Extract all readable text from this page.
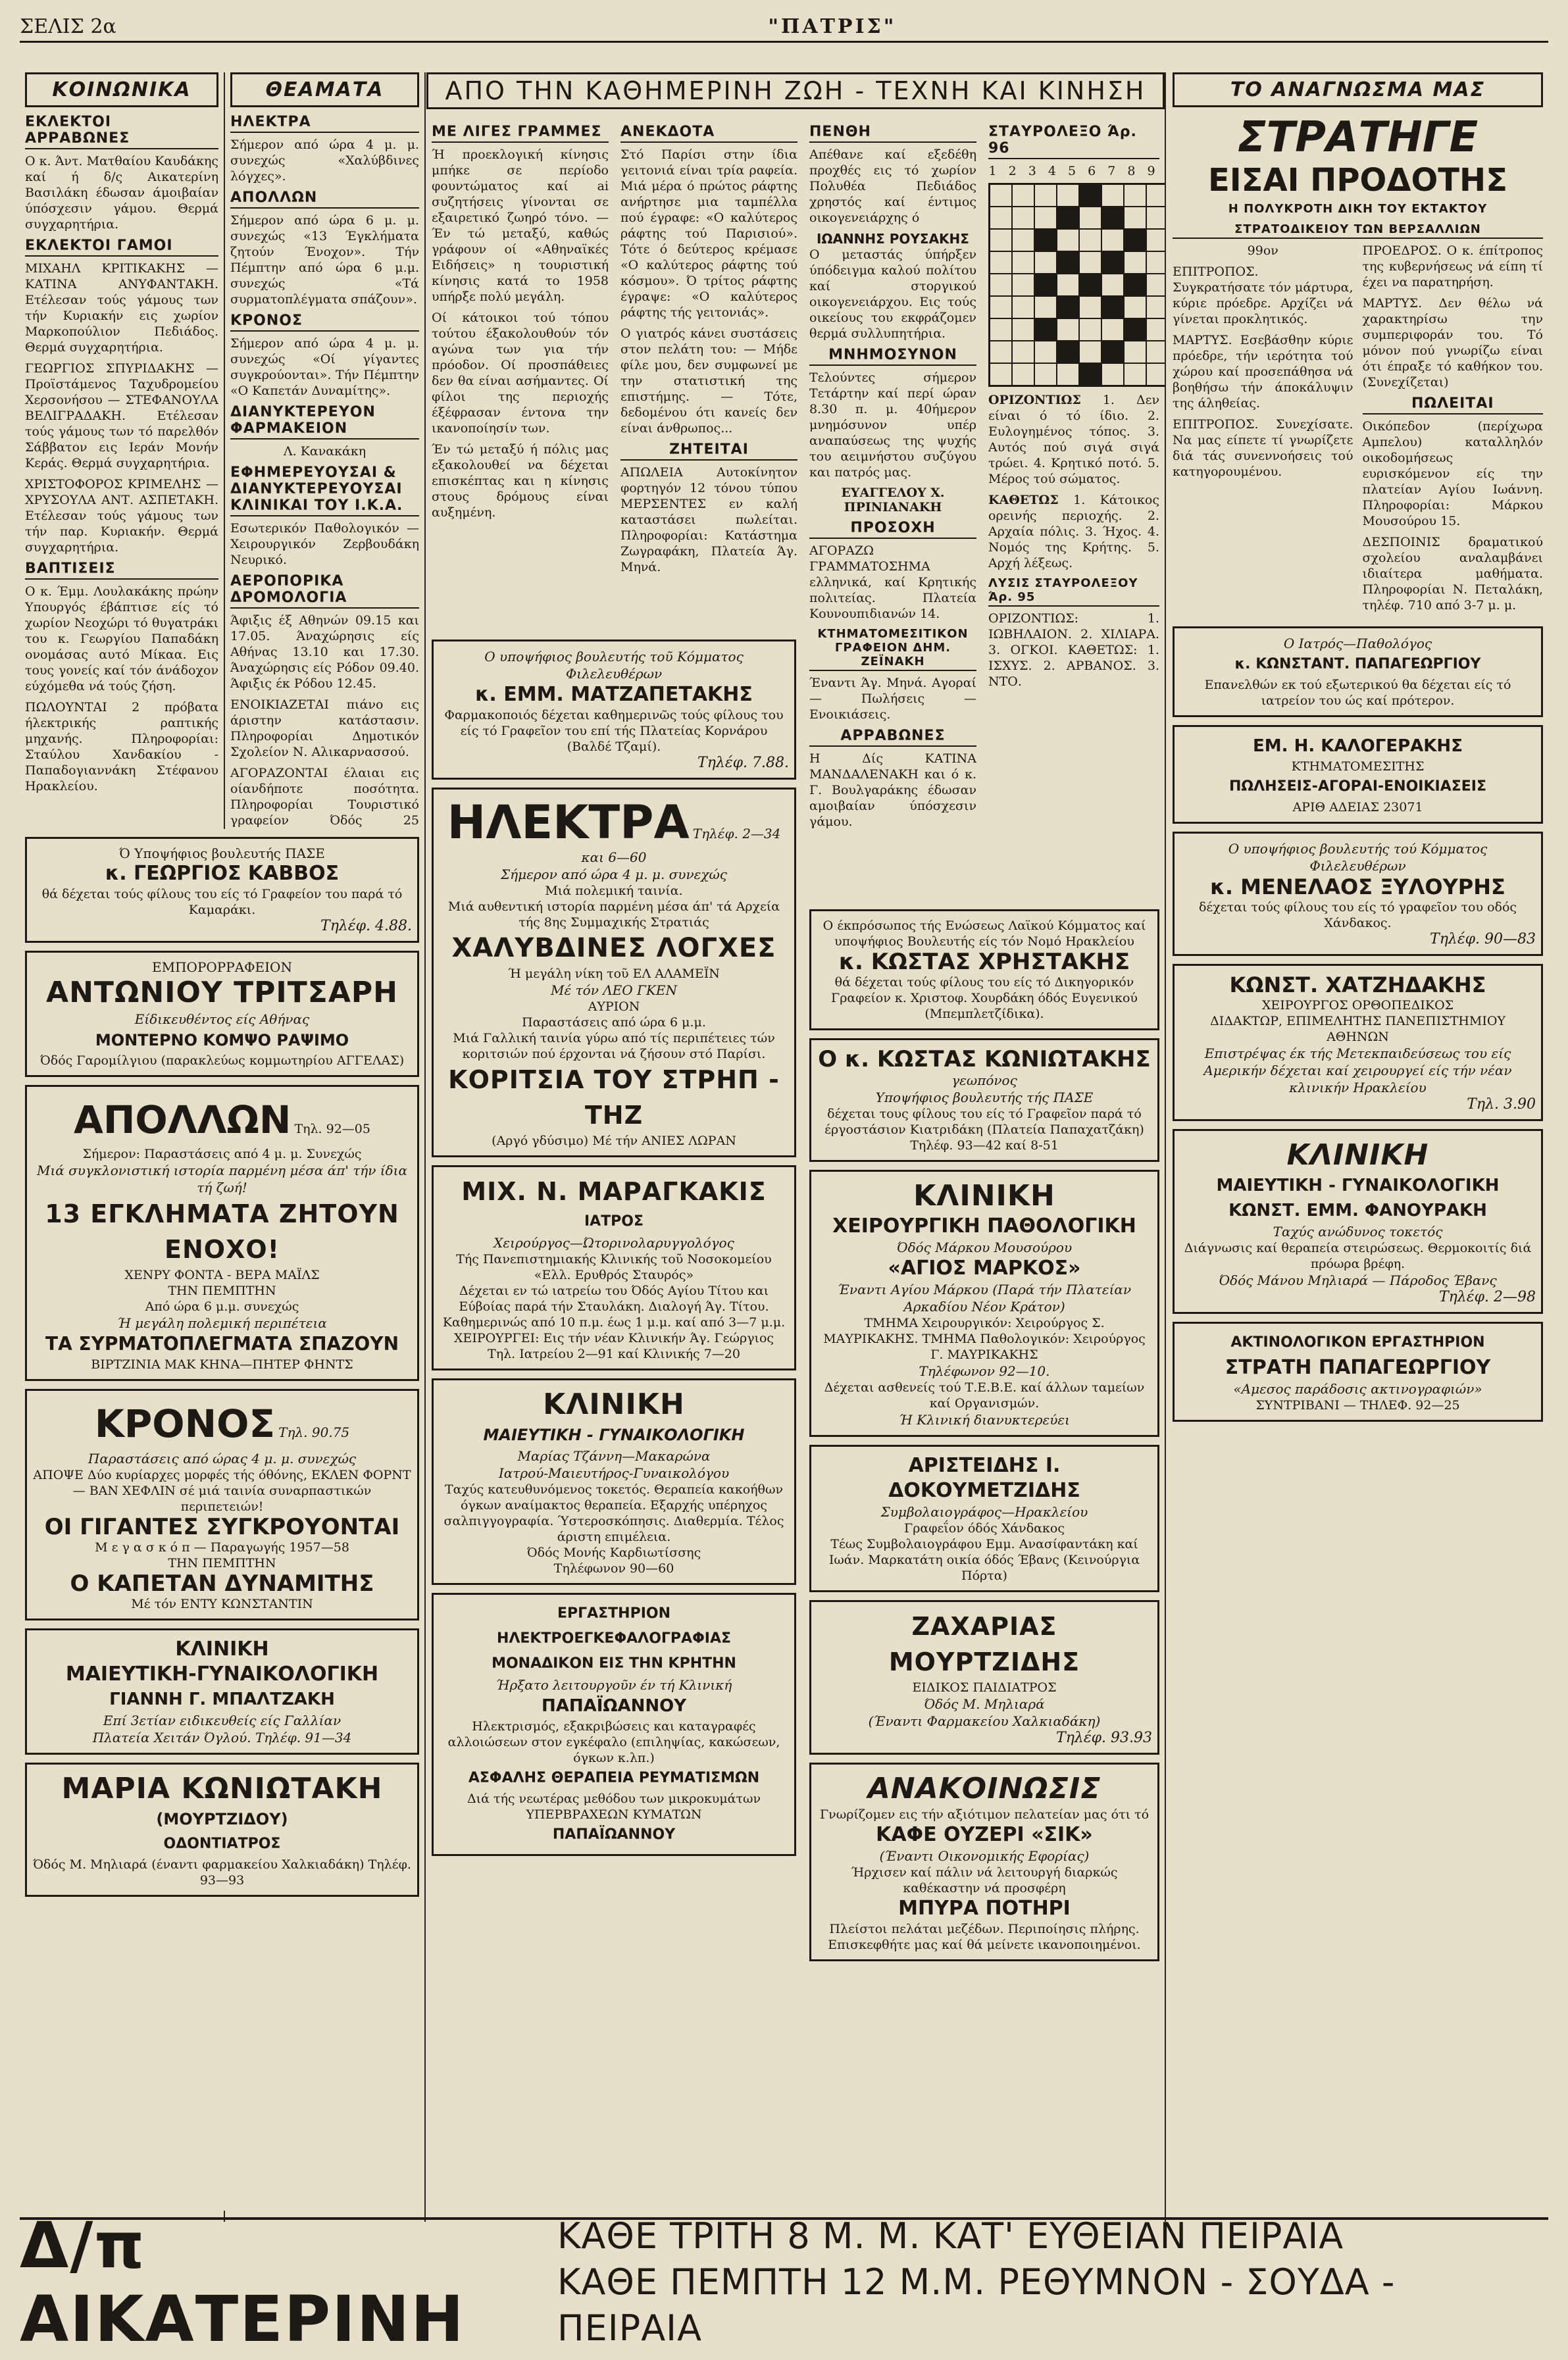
ΣΕΛΙΣ 2α	"ΠΑΤΡΙΣ"
ΚΟΙΝΩΝΙΚΑ
ΕΚΛΕΚΤΟΙ ΑΡΡΑΒΩΝΕΣ

Ο κ. Άντ. Ματθαίου Καυδάκης καί ή δ/ς Αικατερίνη Βασιλάκη έδωσαν άμοιβαίαν ύπόσχεσιν γάμου. Θερμά συγχαρητήρια.

ΕΚΛΕΚΤΟΙ ΓΑΜΟΙ

ΜΙΧΑΗΛ ΚΡΙΤΙΚΑΚΗΣ — ΚΑΤΙΝΑ ΑΝΥΦΑΝΤΑΚΗ. Ετέλεσαν τούς γάμους των τήν Κυριακήν εις χωρίον Μαρκοπούλιον Πεδιάδος. Θερμά συγχαρητήρια.

ΓΕΩΡΓΙΟΣ ΣΠΥΡΙΔΑΚΗΣ — Προϊστάμενος Ταχυδρομείου Χερσονήσου — ΣΤΕΦΑΝΟΥΛΑ ΒΕΛΙΓΡΑΔΑΚΗ. Ετέλεσαν τούς γάμους των τό παρελθόν Σάββατον εις Ιεράν Μονήν Κεράς. Θερμά συγχαρητήρια.

ΧΡΙΣΤΟΦΟΡΟΣ ΚΡΙΜΕΛΗΣ — ΧΡΥΣΟΥΛΑ ΑΝΤ. ΑΣΠΕΤΑΚΗ. Ετέλεσαν τούς γάμους των τήν παρ. Κυριακήν. Θερμά συγχαρητήρια.

ΒΑΠΤΙΣΕΙΣ

Ο κ. Έμμ. Λουλακάκης πρώην Υπουργός έβάπτισε είς τό χωρίον Νεοχώρι τό θυγατράκι του κ. Γεωργίου Παπαδάκη ονομάσας αυτό Μίκαα. Εις τους γονείς καί τόν άνάδοχον εύχόμεθα νά τούς ζήση.

ΠΩΛΟΥΝΤΑΙ 2 πρόβατα ήλεκτρικής ραπτικής μηχανής. Πληροφορίαι: Σταύλου Χανδακίου - Παπαδογιαννάκη Στέφανου Ηρακλείου.

ΘΕΑΜΑΤΑ
ΗΛΕΚΤΡΑ

Σήμερον από ώρα 4 μ. μ. συνεχώς «Χαλύβδινες λόγχες».

ΑΠΟΛΛΩΝ

Σήμερον από ώρα 6 μ. μ. συνεχώς «13 Έγκλήματα ζητούν Ένοχον». Τήν Πέμπτην από ώρα 6 μ.μ. συνεχώς «Τά συρματοπλέγματα σπάζουν».

ΚΡΟΝΟΣ

Σήμερον από ώρα 4 μ. μ. συνεχώς «Οί γίγαντες συγκρούονται». Τήν Πέμπτην «Ο Καπετάν Δυναμίτης».

ΔΙΑΝΥΚΤΕΡΕΥΟΝ ΦΑΡΜΑΚΕΙΟΝ

Λ. Κανακάκη

ΕΦΗΜΕΡΕΥΟΥΣΑΙ & ΔΙΑΝΥΚΤΕΡΕΥΟΥΣΑΙ ΚΛΙΝΙΚΑΙ ΤΟΥ Ι.Κ.Α.

Εσωτερικόν Παθολογικόν — Χειρουργικόν Ζερβουδάκη Νευρικό.

ΑΕΡΟΠΟΡΙΚΑ ΔΡΟΜΟΛΟΓΙΑ

Άφιξις έξ Αθηνών 09.15 και 17.05. Άναχώρησις είς Αθήνας 13.10 και 17.30. Άναχώρησις είς Ρόδον 09.40. Άφιξις έκ Ρόδου 12.45.

ΕΝΟΙΚΙΑΖΕΤΑΙ πιάνο εις άριστην κατάστασιν. Πληροφορίαι Δημοτικόν Σχολείον Ν. Αλικαρνασσού.

ΑΓΟΡΑΖΟΝΤΑΙ έλαιαι εις οίανδήποτε ποσότητα. Πληροφορίαι Τουριστικό γραφείον Όδός 25

Ό Υποψήφιος βουλευτής ΠΑΣΕ
κ. ΓΕΩΡΓΙΟΣ ΚΑΒΒΟΣ
θά δέχεται τούς φίλους του είς τό Γραφείον του παρά τό Καμαράκι.
Τηλέφ. 4.88.
ΕΜΠΟΡΟΡΡΑΦΕΙΟΝ
ΑΝΤΩΝΙΟΥ ΤΡΙΤΣΑΡΗ
Είδικευθέντος είς Αθήνας
ΜΟΝΤΕΡΝΟ ΚΟΜΨΟ ΡΑΨΙΜΟ
Όδός Γαρομίλγιου (παρακλεύως κομμωτηρίου ΑΓΓΕΛΑΣ)
ΑΠΟΛΛΩΝ Τηλ. 92—05
Σήμερον: Παραστάσεις από 4 μ. μ. Συνεχώς
Μιά συγκλονιστική ιστορία παρμένη μέσα άπ' τήν ίδια τή ζωή!
13 ΕΓΚΛΗΜΑΤΑ ΖΗΤΟΥΝ ΕΝΟΧΟ!
ΧΕΝΡΥ ΦΟΝΤΑ - ΒΕΡΑ ΜΑΪΛΣ
ΤΗΝ ΠΕΜΠΤΗΝ
Από ώρα 6 μ.μ. συνεχώς
Ή μεγάλη πολεμική περιπέτεια
ΤΑ ΣΥΡΜΑΤΟΠΛΕΓΜΑΤΑ ΣΠΑΖΟΥΝ
ΒΙΡΤΖΙΝΙΑ ΜΑΚ ΚΗΝΑ—ΠΗΤΕΡ ΦΗΝΤΣ
ΚΡΟΝΟΣ Τηλ. 90.75
Παραστάσεις από ώρας 4 μ. μ. συνεχώς
ΑΠΟΨΕ Δύο κυρίαρχες μορφές τής όθόνης, ΕΚΛΕΝ ΦΟΡΝΤ — ΒΑΝ ΧΕΦΛΙΝ σέ μιά ταινία συναρπαστικών περιπετειών!
ΟΙ ΓΙΓΑΝΤΕΣ ΣΥΓΚΡΟΥΟΝΤΑΙ
Μ ε γ α σ κ ό π — Παραγωγής 1957—58
ΤΗΝ ΠΕΜΠΤΗΝ
Ο ΚΑΠΕΤΑΝ ΔΥΝΑΜΙΤΗΣ
Μέ τόν ΕΝΤΥ ΚΩΝΣΤΑΝΤΙΝ
ΚΛΙΝΙΚΗ
ΜΑΙΕΥΤΙΚΗ-ΓΥΝΑΙΚΟΛΟΓΙΚΗ
ΓΙΑΝΝΗ Γ. ΜΠΑΛΤΖΑΚΗ
Επί 3ετίαν ειδικευθείς είς Γαλλίαν
Πλατεία Χειτάν Όγλού. Τηλέφ. 91—34
ΜΑΡΙΑ ΚΩΝΙΩΤΑΚΗ
(ΜΟΥΡΤΖΙΔΟΥ)
ΟΔΟΝΤΙΑΤΡΟΣ
Όδός Μ. Μηλιαρά (έναντι φαρμακείου Χαλκιαδάκη) Τηλέφ. 93—93
ΑΠΟ ΤΗΝ ΚΑΘΗΜΕΡΙΝΗ ΖΩΗ - ΤΕΧΝΗ ΚΑΙ ΚΙΝΗΣΗ
ΜΕ ΛΙΓΕΣ ΓΡΑΜΜΕΣ

Ή προεκλογική κίνησις μπήκε σε περίοδο φουντώματος καί ai συζητήσεις γίνονται σε εξαιρετικό ζωηρό τόνο. — Έν τώ μεταξύ, καθώς γράφουν οί «Αθηναϊκές Ειδήσεις» η τουριστική κίνησις κατά το 1958 υπήρξε πολύ μεγάλη.

Οί κάτοικοι τού τόπου τούτου έξακολουθούν τόν αγώνα των για τήν πρόοδον. Οί προσπάθειες δεν θα είναι ασήμαντες. Οί φίλοι της περιοχής έξέφρασαν έντονα την ικανοποίησίν των.

Έν τώ μεταξύ ή πόλις μας εξακολουθεί να δέχεται επισκέπτας και η κίνησις στους δρόμους είναι αυξημένη.

ΑΝΕΚΔΟΤΑ

Στό Παρίσι στην ίδια γειτονιά είναι τρία ραφεία. Μιά μέρα ό πρώτος ράφτης ανήρτησε μια ταμπέλλα πού έγραφε: «Ο καλύτερος ράφτης τού Παρισιού». Τότε ό δεύτερος κρέμασε «Ο καλύτερος ράφτης τού κόσμου». Ό τρίτος ράφτης έγραψε: «Ο καλύτερος ράφτης τής γειτονιάς».

Ο γιατρός κάνει συστάσεις στον πελάτη του: — Μήδε φίλε μου, δεν συμφωνεί με την στατιστική της επιστήμης. — Τότε, δεδομένου ότι κανείς δεν είναι άνθρωπος...

ΖΗΤΕΙΤΑΙ

ΑΠΩΛΕΙΑ Αυτοκίνητον φορτηγόν 12 τόνου τύπου ΜΕΡΣΕΝΤΕΣ εν καλή καταστάσει πωλείται. Πληροφορίαι: Κατάστημα Ζωγραφάκη, Πλατεία Άγ. Μηνά.

ΠΕΝΘΗ

Απέθανε καί εξεδέθη προχθές εις τό χωρίον Πολυθέα Πεδιάδος χρηστός καί έντιμος οικογενειάρχης ό

ΙΩΑΝΝΗΣ ΡΟΥΣΑΚΗΣ

Ο μεταστάς ύπήρξεν ύπόδειγμα καλού πολίτου καί στοργικού οικογενειάρχου. Εις τούς οικείους του εκφράζομεν θερμά συλλυπητήρια.

ΜΝΗΜΟΣΥΝΟΝ

Τελούντες σήμερον Τετάρτην καί περί ώραν 8.30 π. μ. 40ήμερον μνημόσυνον υπέρ αναπαύσεως της ψυχής του αειμνήστου συζύγου και πατρός μας.

ΕΥΑΓΓΕΛΟΥ Χ. ΠΡΙΝΙΑΝΑΚΗ
ΠΡΟΣΟΧΗ

ΑΓΟΡΑΖΩ ΓΡΑΜΜΑΤΟΣΗΜΑ ελληνικά, καί Κρητικής πολιτείας. Πλατεία Κουνουπιδιανών 14.

ΚΤΗΜΑΤΟΜΕΣΙΤΙΚΟΝ ΓΡΑΦΕΙΟΝ ΔΗΜ. ΖΕΪΝΑΚΗ

Έναντι Άγ. Μηνά. Αγοραί — Πωλήσεις — Ενοικιάσεις.

ΑΡΡΑΒΩΝΕΣ

Η Δίς ΚΑΤΙΝΑ ΜΑΝΔΑΛΕΝΑΚΗ και ό κ. Γ. Βουλγαράκης έδωσαν αμοιβαίαν ύπόσχεσιν γάμου.

ΣΤΑΥΡΟΛΕΞΟ Άρ. 96
1 2 3 4 5 6 7 8 9

ΟΡΙΖΟΝΤΙΩΣ 1. Δεν είναι ό τό ίδιο. 2. Ευλογημένος τόπος. 3. Αυτός πού σιγά σιγά τρώει. 4. Κρητικό ποτό. 5. Μέρος τού σώματος.

ΚΑΘΕΤΩΣ 1. Κάτοικος ορεινής περιοχής. 2. Αρχαία πόλις. 3. Ήχος. 4. Νομός της Κρήτης. 5. Αρχή λέξεως.

ΛΥΣΙΣ ΣΤΑΥΡΟΛΕΞΟΥ Άρ. 95

ΟΡΙΖΟΝΤΙΩΣ: 1. ΙΩΒΗΛΑΙΟΝ. 2. ΧΙΛΙΑΡΑ. 3. ΟΓΚΟΙ. ΚΑΘΕΤΩΣ: 1. ΙΣΧΥΣ. 2. ΑΡΒΑΝΟΣ. 3. ΝΤΟ.

Ο υποψήφιος βουλευτής τοῦ Κόμματος Φιλελευθέρων
κ. ΕΜΜ. ΜΑΤΖΑΠΕΤΑΚΗΣ
Φαρμακοποιός δέχεται καθημερινῶς τούς φίλους του είς τό Γραφεῖον του επί τής Πλατείας Κορνάρου (Βαλδέ Τζαμί).
Τηλέφ. 7.88.
ΗΛΕΚΤΡΑ Τηλέφ. 2—34 και 6—60
Σήμερον από ώρα 4 μ. μ. συνεχώς
Μιά πολεμική ταινία.
Μιά αυθεντική ιστορία παρμένη μέσα άπ' τά Αρχεία τής 8ης Συμμαχικής Στρατιάς
ΧΑΛΥΒΔΙΝΕΣ ΛΟΓΧΕΣ
Ή μεγάλη νίκη τοῦ ΕΛ ΑΛΑΜΕΪΝ
Μέ τόν ΛΕΟ ΓΚΕΝ
ΑΥΡΙΟΝ
Παραστάσεις από ώρα 6 μ.μ.
Μιά Γαλλική ταινία γύρω από τίς περιπέτειες τών κοριτσιών πού έρχονται νά ζήσουν στό Παρίσι.
ΚΟΡΙΤΣΙΑ ΤΟΥ ΣΤΡΗΠ - ΤΗΖ
(Αργό γδύσιμο) Μέ τήν ΑΝΙΕΣ ΛΩΡΑΝ
ΜΙΧ. Ν. ΜΑΡΑΓΚΑΚΙΣ
ΙΑΤΡΟΣ
Χειρούργος—Ώτορινολαρυγγολόγος
Τής Πανεπιστημιακής Κλινικής τοῦ Νοσοκομείου «Ελλ. Ερυθρός Σταυρός»
Δέχεται εν τώ ιατρείω του Όδός Αγίου Τίτου και Εύβοίας παρά τήν Σταυλάκη. Διαλογή Άγ. Τίτου. Καθημερινώς από 10 π.μ. έως 1 μ.μ. καί από 3—7 μ.μ.
ΧΕΙΡΟΥΡΓΕΙ: Εις τήν νέαν Κλινικήν Άγ. Γεώργιος
Τηλ. Ιατρείου 2—91 καί Κλινικής 7—20
ΚΛΙΝΙΚΗ
ΜΑΙΕΥΤΙΚΗ - ΓΥΝΑΙΚΟΛΟΓΙΚΗ
Μαρίας Τζάννη—Μακαρώνα
Ιατρού-Μαιευτήρος-Γυναικολόγου
Ταχύς κατευθυνόμενος τοκετός. Θεραπεία κακοήθων όγκων αναίμακτος θεραπεία. Εξαρχής υπέρηχος σαλπιγγογραφία. Ύστεροσκόπησις. Διαθερμία. Τέλος άριστη επιμέλεια.
Όδός Μονής Καρδιωτίσσης
Τηλέφωνον 90—60
ΕΡΓΑΣΤΗΡΙΟΝ ΗΛΕΚΤΡΟΕΓΚΕΦΑΛΟΓΡΑΦΙΑΣ
ΜΟΝΑΔΙΚΟΝ ΕΙΣ ΤΗΝ ΚΡΗΤΗΝ
Ήρξατο λειτουργοῦν έν τή Κλινική
ΠΑΠΑΪΩΑΝΝΟΥ
Ηλεκτρισμός, εξακριβώσεις και καταγραφές αλλοιώσεων στον εγκέφαλο (επιληψίας, κακώσεων, όγκων κ.λπ.)
ΑΣΦΑΛΗΣ ΘΕΡΑΠΕΙΑ ΡΕΥΜΑΤΙΣΜΩΝ
Διά τής νεωτέρας μεθόδου των μικροκυμάτων ΥΠΕΡΒΡΑΧΕΩΝ ΚΥΜΑΤΩΝ
ΠΑΠΑΪΩΑΝΝΟΥ
Ο έκπρόσωπος τής Ενώσεως Λαϊκού Κόμματος καί υποψήφιος Βουλευτής είς τόν Νομό Ηρακλείου
κ. ΚΩΣΤΑΣ ΧΡΗΣΤΑΚΗΣ
θά δέχεται τούς φίλους του είς τό Δικηγορικόν Γραφείον κ. Χριστοφ. Χουρδάκη όδός Ευγενικού (Μπεμπλετζίδικα).
Ο κ. ΚΩΣΤΑΣ ΚΩΝΙΩΤΑΚΗΣ
γεωπόνος
Υποψήφιος βουλευτής τής ΠΑΣΕ
δέχεται τους φίλους του είς τό Γραφεῖον παρά τό έργοστάσιον Κιατριδάκη (Πλατεία Παπαχατζάκη) Τηλέφ. 93—42 καί 8-51
ΚΛΙΝΙΚΗ
ΧΕΙΡΟΥΡΓΙΚΗ ΠΑΘΟΛΟΓΙΚΗ
Όδός Μάρκου Μουσούρου
«ΑΓΙΟΣ ΜΑΡΚΟΣ»
Έναντι Αγίου Μάρκου (Παρά τήν Πλατείαν Αρκαδίου Νέον Κράτον)
ΤΜΗΜΑ Χειρουργικόν: Χειρούργος Σ. ΜΑΥΡΙΚΑΚΗΣ. ΤΜΗΜΑ Παθολογικόν: Χειρούργος Γ. ΜΑΥΡΙΚΑΚΗΣ
Τηλέφωνον 92—10.
Δέχεται ασθενείς τού Τ.Ε.Β.Ε. καί άλλων ταμείων καί Οργανισμών.
Ή Κλινική διανυκτερεύει
ΑΡΙΣΤΕΙΔΗΣ Ι. ΔΟΚΟΥΜΕΤΖΙΔΗΣ
Συμβολαιογράφος—Ηρακλείου
Γραφεΐον όδός Χάνδακος
Τέως Συμβολαιογράφου Εμμ. Ανασίφαντάκη καί Ιωάν. Μαρκατάτη οικία όδός Έβανς (Κεινούργια Πόρτα)
ΖΑΧΑΡΙΑΣ ΜΟΥΡΤΖΙΔΗΣ
ΕΙΔΙΚΟΣ ΠΑΙΔΙΑΤΡΟΣ
Όδός Μ. Μηλιαρά
(Έναντι Φαρμακείου Χαλκιαδάκη)
Τηλέφ. 93.93
ΑΝΑΚΟΙΝΩΣΙΣ
Γνωρίζομεν εις τήν αξιότιμον πελατείαν μας ότι τό
ΚΑΦΕ ΟΥΖΕΡΙ «ΣΙΚ»
(Έναντι Οικονομικής Εφορίας)
Ήρχισεν καί πάλιν νά λειτουργή διαρκώς καθέκαστην νά προσφέρη
ΜΠΥΡΑ ΠΟΤΗΡΙ
Πλείστοι πελάται μεζέδων. Περιποίησις πλήρης. Επισκεφθήτε μας καί θά μείνετε ικανοποιημένοι.
ΤΟ ΑΝΑΓΝΩΣΜΑ ΜΑΣ
ΣΤΡΑΤΗΓΕ
ΕΙΣΑΙ ΠΡΟΔΟΤΗΣ
Η ΠΟΛΥΚΡΟΤΗ ΔΙΚΗ ΤΟΥ ΕΚΤΑΚΤΟΥ
ΣΤΡΑΤΟΔΙΚΕΙΟΥ ΤΩΝ ΒΕΡΣΑΛΛΙΩΝ

99ον

ΕΠΙΤΡΟΠΟΣ. Συγκρατήσατε τόν μάρτυρα, κύριε πρόεδρε. Αρχίζει νά γίνεται προκλητικός.

ΜΑΡΤΥΣ. Εσεβάσθην κύριε πρόεδρε, τήν ιερότητα τού χώρου καί προσεπάθησα νά βοηθήσω τήν άποκάλυψιν της άληθείας.

ΕΠΙΤΡΟΠΟΣ. Συνεχίσατε. Να μας είπετε τί γνωρίζετε διά τάς συνεννοήσεις τού κατηγορουμένου.

ΠΡΟΕΔΡΟΣ. Ο κ. έπίτροπος της κυβερνήσεως νά είπη τί έχει να παρατηρήση.

ΜΑΡΤΥΣ. Δεν θέλω νά χαρακτηρίσω την συμπεριφοράν του. Τό μόνον πού γνωρίζω είναι ότι έπραξε τό καθήκον του. (Συνεχίζεται)

ΠΩΛΕΙΤΑΙ

Οικόπεδον (περίχωρα Αμπελου) καταλληλόν οικοδομήσεως ευρισκόμενον είς την πλατείαν Αγίου Ιωάννη. Πληροφορίαι: Μάρκου Μουσούρου 15.

ΔΕΣΠΟΙΝΙΣ δραματικού σχολείου αναλαμβάνει ιδιαίτερα μαθήματα. Πληροφορίαι Ν. Πεταλάκη, τηλέφ. 710 από 3-7 μ. μ.

Ο Ιατρός—Παθολόγος
κ. ΚΩΝΣΤΑΝΤ. ΠΑΠΑΓΕΩΡΓΙΟΥ
Επανελθών εκ τού εξωτερικού θα δέχεται είς τό ιατρείον του ώς καί πρότερον.
ΕΜ. Η. ΚΑΛΟΓΕΡΑΚΗΣ
ΚΤΗΜΑΤΟΜΕΣΙΤΗΣ
ΠΩΛΗΣΕΙΣ-ΑΓΟΡΑΙ-ΕΝΟΙΚΙΑΣΕΙΣ
ΑΡΙΘ ΑΔΕΙΑΣ 23071
Ο υποψήφιος βουλευτής τού Κόμματος Φιλελευθέρων
κ. ΜΕΝΕΛΑΟΣ ΞΥΛΟΥΡΗΣ
δέχεται τούς φίλους του είς τό γραφεῖον του οδός Χάνδακος.
Τηλέφ. 90—83
ΚΩΝΣΤ. ΧΑΤΖΗΔΑΚΗΣ
ΧΕΙΡΟΥΡΓΟΣ ΟΡΘΟΠΕΔΙΚΟΣ
ΔΙΔΑΚΤΩΡ, ΕΠΙΜΕΛΗΤΗΣ ΠΑΝΕΠΙΣΤΗΜΙΟΥ ΑΘΗΝΩΝ
Επιστρέψας έκ τής Μετεκπαιδεύσεως του είς Αμερικήν δέχεται καί χειρουργεί είς τήν νέαν κλινικήν Ηρακλείου
Τηλ. 3.90
ΚΛΙΝΙΚΗ
ΜΑΙΕΥΤΙΚΗ - ΓΥΝΑΙΚΟΛΟΓΙΚΗ
ΚΩΝΣΤ. ΕΜΜ. ΦΑΝΟΥΡΑΚΗ
Ταχύς ανώδυνος τοκετός
Διάγνωσις καί θεραπεία στειρώσεως. Θερμοκοιτίς διά πρόωρα βρέφη.
Όδός Μάνου Μηλιαρά — Πάροδος Έβανς
Τηλέφ. 2—98
ΑΚΤΙΝΟΛΟΓΙΚΟΝ ΕΡΓΑΣΤΗΡΙΟΝ
ΣΤΡΑΤΗ ΠΑΠΑΓΕΩΡΓΙΟΥ
«Αμεσος παράδοσις ακτινογραφιών»
ΣΥΝΤΡΙΒΑΝΙ — ΤΗΛΕΦ. 92—25
Δ/π ΑΙΚΑΤΕΡΙΝΗ
ΚΑΘΕ ΤΡΙΤΗ 8 Μ. Μ. ΚΑΤ' ΕΥΘΕΙΑΝ ΠΕΙΡΑΙΑ
ΚΑΘΕ ΠΕΜΠΤΗ 12 Μ.Μ. ΡΕΘΥΜΝΟΝ - ΣΟΥΔΑ - ΠΕΙΡΑΙΑ
